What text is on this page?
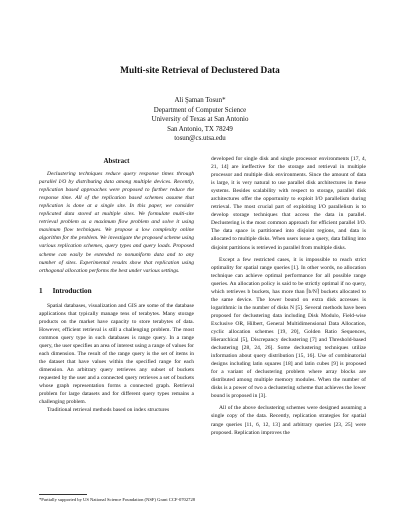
Multi-site Retrieval of Declustered Data
Ali Şaman Tosun*
Department of Computer Science
University of Texas at San Antonio
San Antonio, TX 78249
tosun@cs.utsa.edu
Abstract

Declustering techniques reduce query response times through parallel I/O by distributing data among multiple devices. Recently, replication based approaches were proposed to further reduce the response time. All of the replication based schemes assume that replication is done at a single site. In this paper, we consider replicated data stored at multiple sites. We formulate multi-site retrieval problem as a maximum flow problem and solve it using maximum flow techniques. We propose a low complexity online algorithm for the problem. We investigate the proposed scheme using various replication schemes, query types and query loads. Proposed scheme can easily be extended to nonuniform data and to any number of sites. Experimental results show that replication using orthogonal allocation performs the best under various settings.

1 Introduction

Spatial databases, visualization and GIS are some of the database applications that typically manage tens of terabytes. Many storage products on the market have capacity to store terabytes of data. However, efficient retrieval is still a challenging problem. The most common query type in such databases is range query. In a range query, the user specifies an area of interest using a range of values for each dimension. The result of the range query is the set of items in the dataset that have values within the specified range for each dimension. An arbitrary query retrieves any subset of buckets requested by the user and a connected query retrieves a set of buckets whose graph representation forms a connected graph. Retrieval problem for large datasets and for different query types remains a challenging problem.

Traditional retrieval methods based on index structures

developed for single disk and single processor environments [17, 4, 21, 14] are ineffective for the storage and retrieval in multiple processor and multiple disk environments. Since the amount of data is large, it is very natural to use parallel disk architectures in these systems. Besides scalability with respect to storage, parallel disk architectures offer the opportunity to exploit I/O parallelism during retrieval. The most crucial part of exploiting I/O parallelism is to develop storage techniques that access the data in parallel. Declustering is the most common approach for efficient parallel I/O. The data space is partitioned into disjoint regions, and data is allocated to multiple disks. When users issue a query, data falling into disjoint partitions is retrieved in parallel from multiple disks.

Except a few restricted cases, it is impossible to reach strict optimality for spatial range queries [1]. In other words, no allocation technique can achieve optimal performance for all possible range queries. An allocation policy is said to be strictly optimal if no query, which retrieves b buckets, has more than ⌈b/N⌉ buckets allocated to the same device. The lower bound on extra disk accesses is logarithmic in the number of disks N [5]. Several methods have been proposed for declustering data including Disk Modulo, Field-wise Exclusive OR, Hilbert, General Multidimensional Data Allocation, cyclic allocation schemes [19, 20], Golden Ratio Sequences, Hierarchical [5], Discrepancy declustering [7] and Threshold-based declustering [28, 24, 26]. Some declustering techniques utilize information about query distribution [15, 16]. Use of combinatorial designs including latin squares [18] and latin cubes [9] is proposed for a variant of declustering problem where array blocks are distributed among multiple memory modules. When the number of disks is a power of two a declustering scheme that achieves the lower bound is proposed in [3].

All of the above declustering schemes were designed assuming a single copy of the data. Recently, replication strategies for spatial range queries [11, 6, 12, 13] and arbitrary queries [23, 25] were proposed. Replication improves the

*Partially supported by US National Science Foundation (NSF) Grant CCF-0702728
